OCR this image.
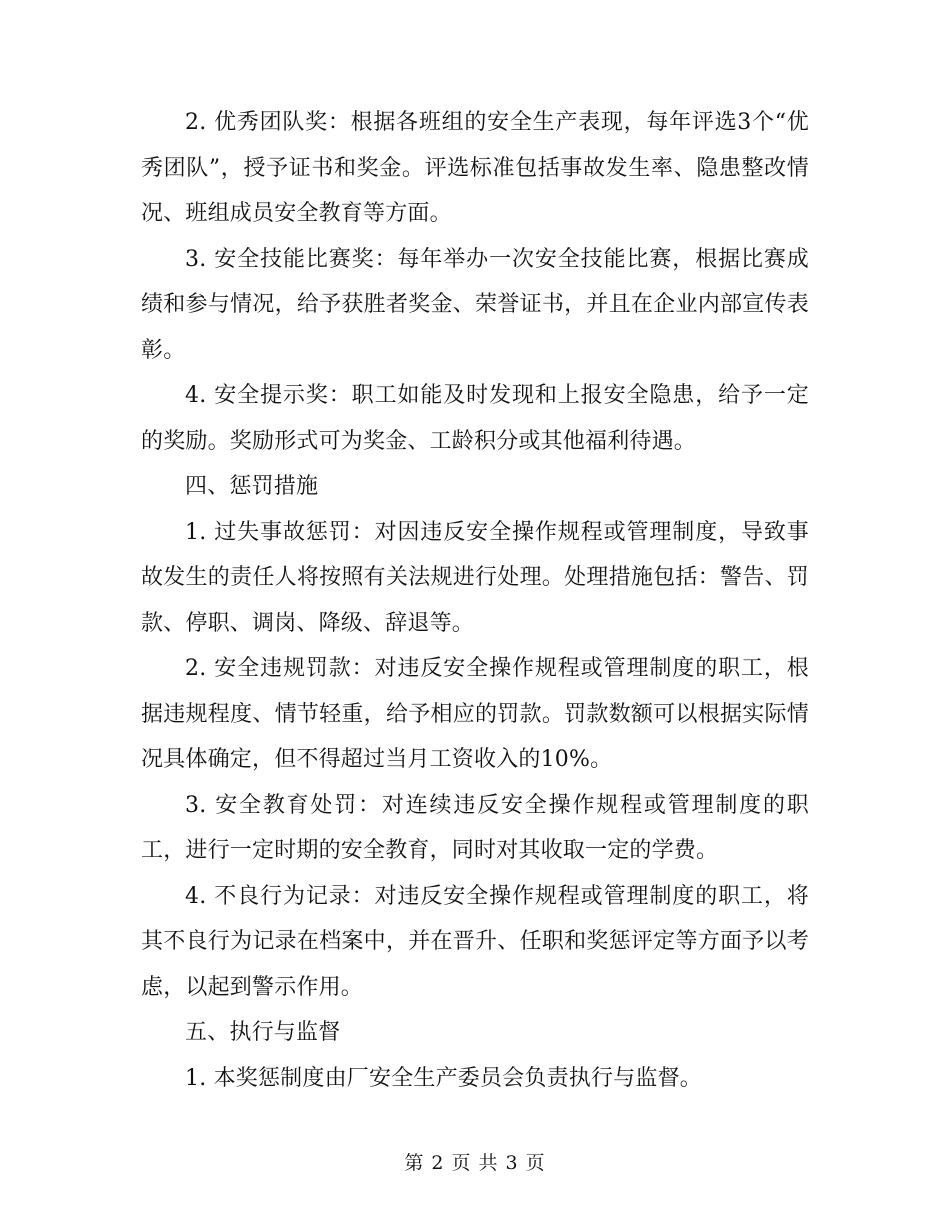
2. 优秀团队奖：根据各班组的安全生产表现，每年评选3个“优秀团队”，授予证书和奖金。评选标准包括事故发生率、隐患整改情况、班组成员安全教育等方面。

3. 安全技能比赛奖：每年举办一次安全技能比赛，根据比赛成绩和参与情况，给予获胜者奖金、荣誉证书，并且在企业内部宣传表彰。

4. 安全提示奖：职工如能及时发现和上报安全隐患，给予一定的奖励。奖励形式可为奖金、工龄积分或其他福利待遇。

四、惩罚措施

1. 过失事故惩罚：对因违反安全操作规程或管理制度，导致事故发生的责任人将按照有关法规进行处理。处理措施包括：警告、罚款、停职、调岗、降级、辞退等。

2. 安全违规罚款：对违反安全操作规程或管理制度的职工，根据违规程度、情节轻重，给予相应的罚款。罚款数额可以根据实际情况具体确定，但不得超过当月工资收入的10%。

3. 安全教育处罚：对连续违反安全操作规程或管理制度的职工，进行一定时期的安全教育，同时对其收取一定的学费。

4. 不良行为记录：对违反安全操作规程或管理制度的职工，将其不良行为记录在档案中，并在晋升、任职和奖惩评定等方面予以考虑，以起到警示作用。

五、执行与监督

1. 本奖惩制度由厂安全生产委员会负责执行与监督。

第 2 页 共 3 页
